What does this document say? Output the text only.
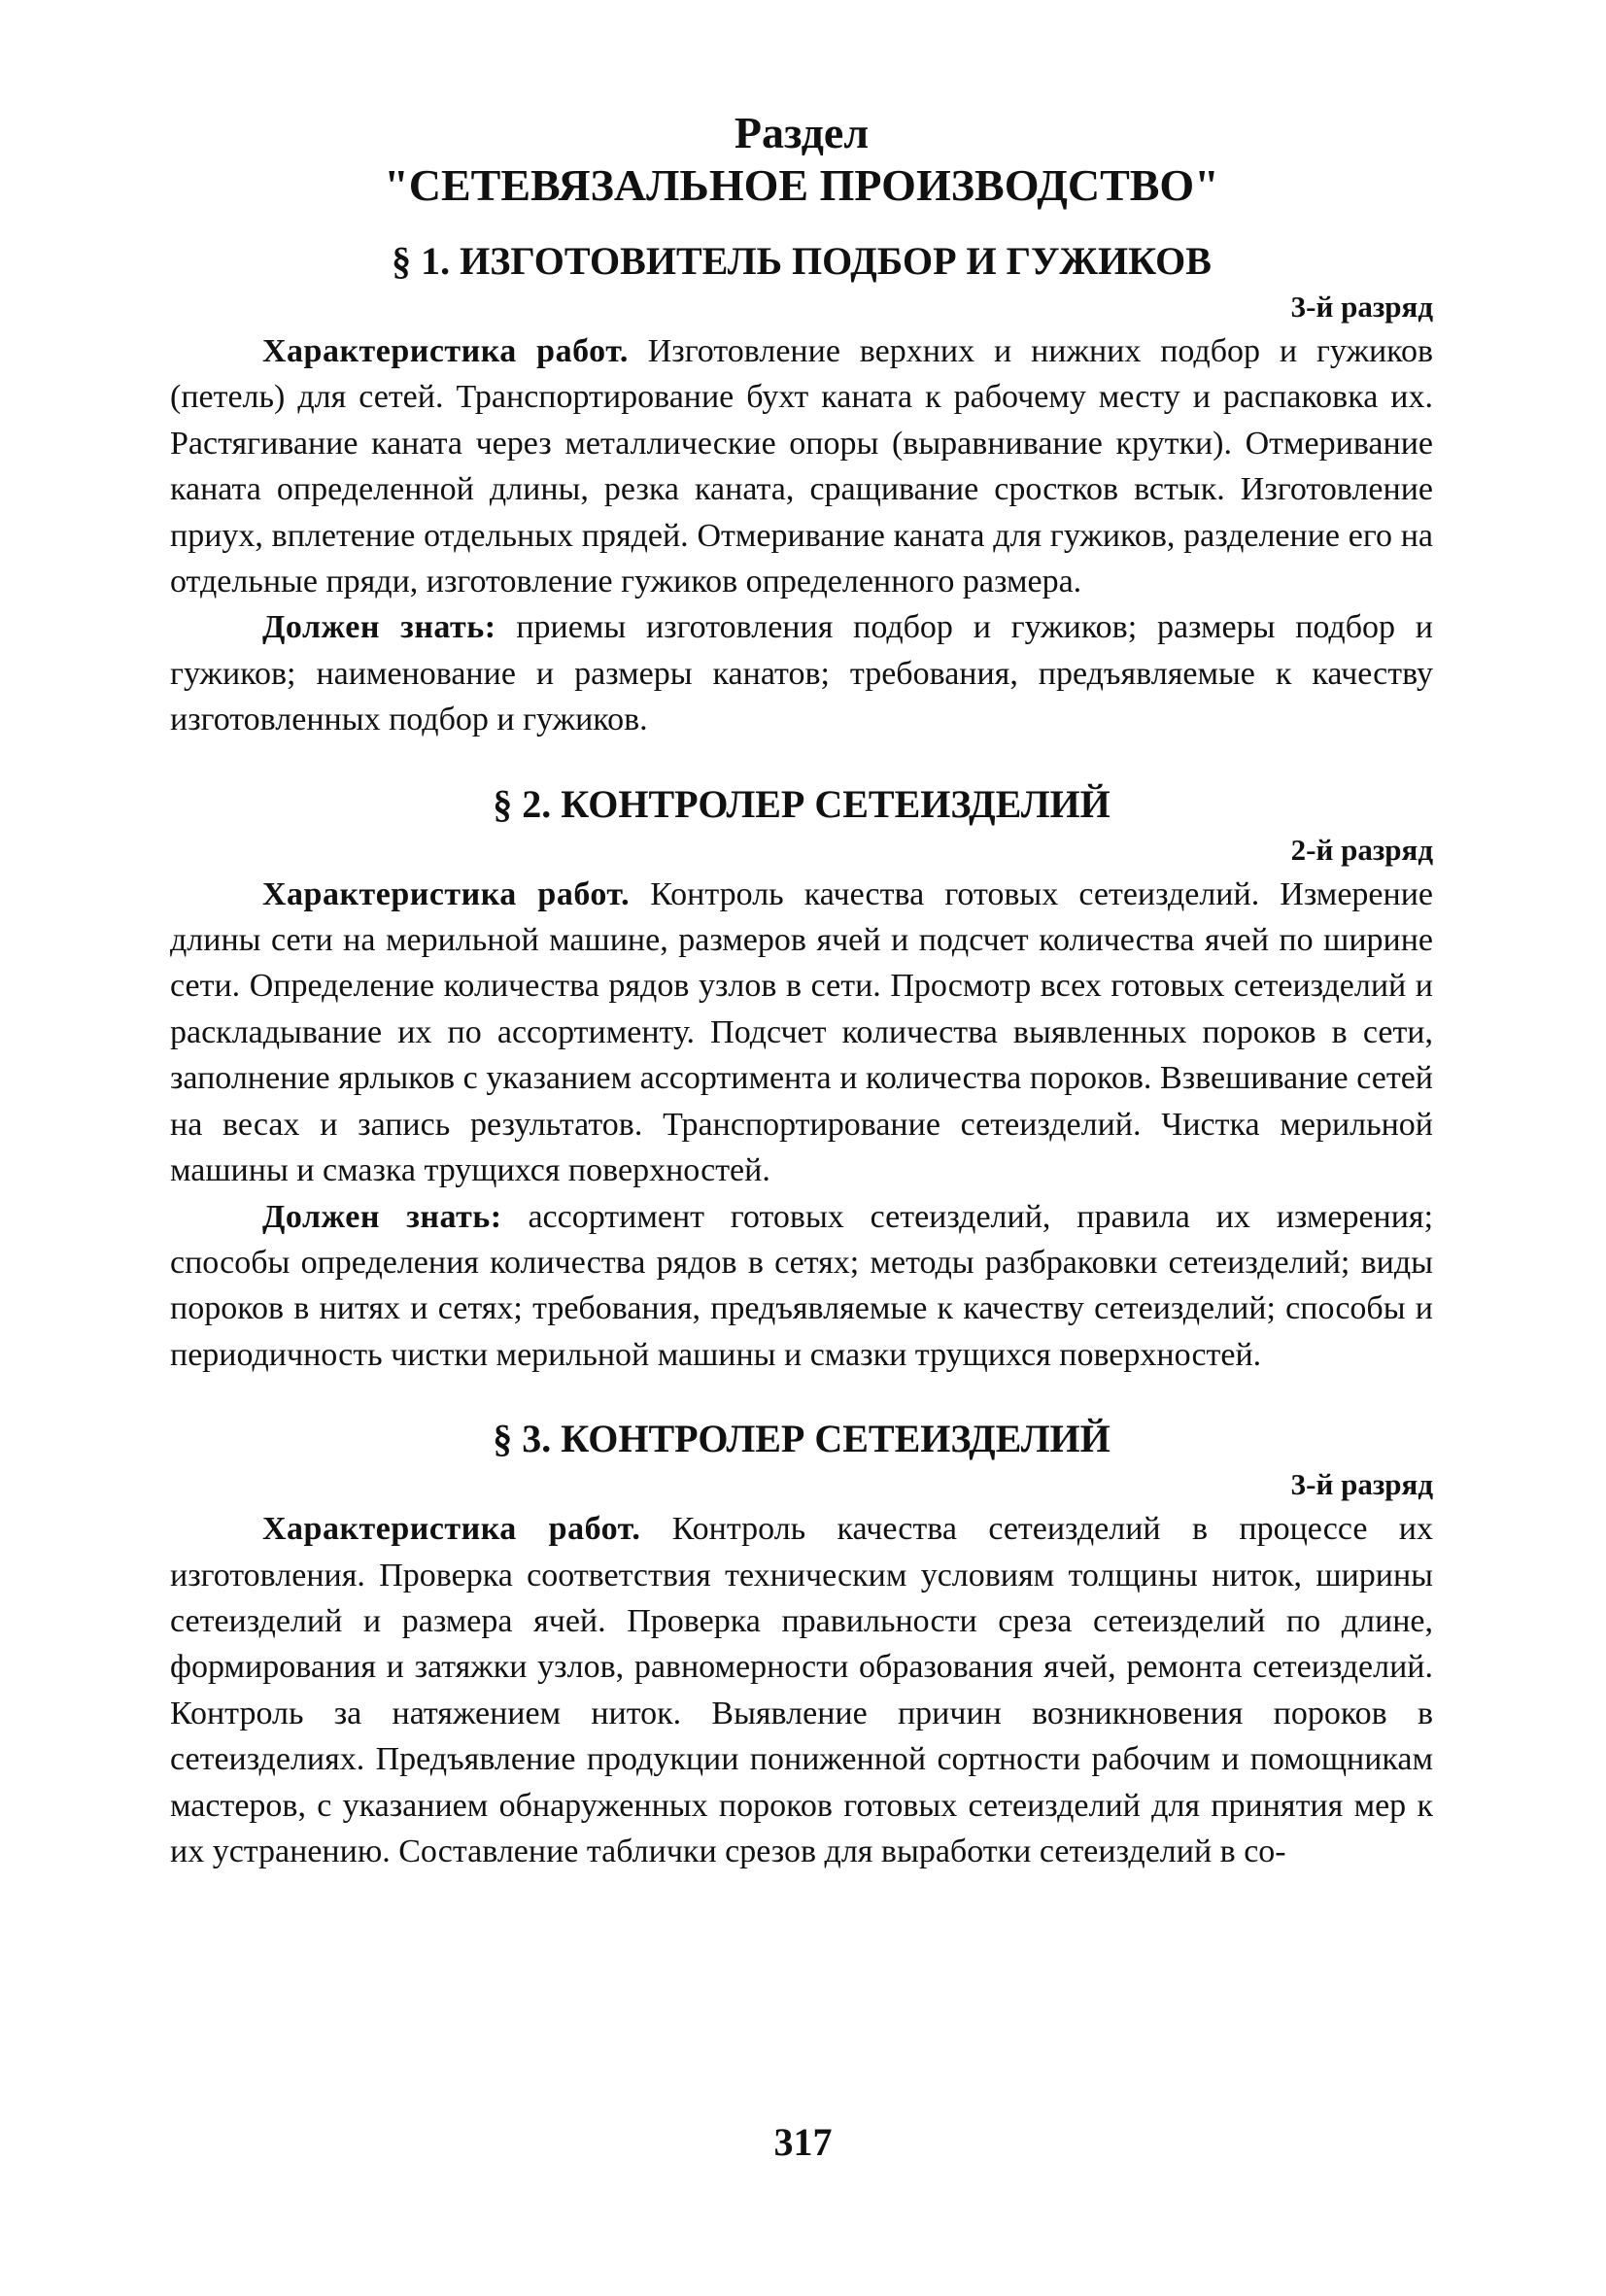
Раздел
"СЕТЕВЯЗАЛЬНОЕ ПРОИЗВОДСТВО"
§ 1. ИЗГОТОВИТЕЛЬ ПОДБОР И ГУЖИКОВ

3-й разряд

Характеристика работ. Изготовление верхних и нижних подбор и гужиков (петель) для сетей. Транспортирование бухт каната к рабочему месту и распаковка их. Растягивание каната через металлические опоры (выравнивание крутки). Отмеривание каната определенной длины, резка каната, сращивание сростков встык. Изготовление приух, вплетение отдельных прядей. Отмеривание каната для гужиков, разделение его на отдельные пряди, изготовление гужиков определенного размера.

Должен знать: приемы изготовления подбор и гужиков; размеры подбор и гужиков; наименование и размеры канатов; требования, предъявляемые к качеству изготовленных подбор и гужиков.

§ 2. КОНТРОЛЕР СЕТЕИЗДЕЛИЙ

2-й разряд

Характеристика работ. Контроль качества готовых сетеизделий. Измерение длины сети на мерильной машине, размеров ячей и подсчет количества ячей по ширине сети. Определение количества рядов узлов в сети. Просмотр всех готовых сетеизделий и раскладывание их по ассортименту. Подсчет количества выявленных пороков в сети, заполнение ярлыков с указанием ассортимента и количества пороков. Взвешивание сетей на весах и запись результатов. Транспортирование сетеизделий. Чистка мерильной машины и смазка трущихся поверхностей.

Должен знать: ассортимент готовых сетеизделий, правила их измерения; способы определения количества рядов в сетях; методы разбраковки сетеизделий; виды пороков в нитях и сетях; требования, предъявляемые к качеству сетеизделий; способы и периодичность чистки мерильной машины и смазки трущихся поверхностей.

§ 3. КОНТРОЛЕР СЕТЕИЗДЕЛИЙ

3-й разряд

Характеристика работ. Контроль качества сетеизделий в процессе их изготовления. Проверка соответствия техническим условиям толщины ниток, ширины сетеизделий и размера ячей. Проверка правильности среза сетеизделий по длине, формирования и затяжки узлов, равномерности образования ячей, ремонта сетеизделий. Контроль за натяжением ниток. Выявление причин возникновения пороков в сетеизделиях. Предъявление продукции пониженной сортности рабочим и помощникам мастеров, с указанием обнаруженных пороков готовых сетеизделий для принятия мер к их устранению. Составление таблички срезов для выработки сетеизделий в со-

317
